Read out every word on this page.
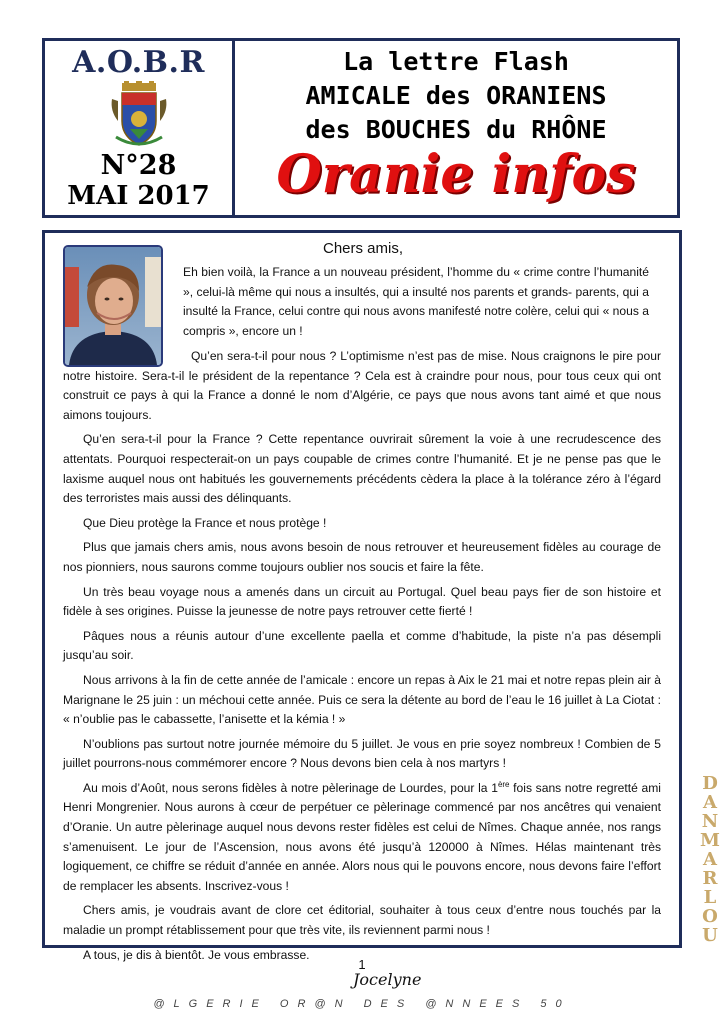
A.O.B.R
N°28
MAI 2017
La lettre Flash
AMICALE des ORANIENS
des BOUCHES du RHÔNE
Oranie infos
Chers amis,

Eh bien voilà, la France a un nouveau président, l’homme du « crime contre l’humanité », celui-là même qui nous a insultés, qui a insulté nos parents et grands- parents, qui a insulté la France, celui contre qui nous avons manifesté notre colère, celui qui « nous a compris », encore un !

Qu’en sera-t-il pour nous ? L’optimisme n’est pas de mise. Nous craignons le pire pour notre histoire. Sera-t-il le président de la repentance ? Cela est à craindre pour nous, pour tous ceux qui ont construit ce pays à qui la France a donné le nom d’Algérie, ce pays que nous avons tant aimé et que nous aimons toujours.

Qu’en sera-t-il pour la France ? Cette repentance ouvrirait sûrement la voie à une recrudescence des attentats. Pourquoi respecterait-on un pays coupable de crimes contre l’humanité. Et je ne pense pas que le laxisme auquel nous ont habitués les gouvernements précédents cèdera la place à la tolérance zéro à l’égard des terroristes mais aussi des délinquants.

Que Dieu protège la France et nous protège !

Plus que jamais chers amis, nous avons besoin de nous retrouver et heureusement fidèles au courage de nos pionniers, nous saurons comme toujours oublier nos soucis et faire la fête.

Un très beau voyage nous a amenés dans un circuit au Portugal. Quel beau pays fier de son histoire et fidèle à ses origines. Puisse la jeunesse de notre pays retrouver cette fierté !

Pâques nous a réunis autour d’une excellente paella et comme d’habitude, la piste n’a pas désempli jusqu’au soir.

Nous arrivons à la fin de cette année de l’amicale : encore un repas à Aix le 21 mai et notre repas plein air à Marignane le 25 juin : un méchoui cette année. Puis ce sera la détente au bord de l’eau le 16 juillet à La Ciotat : « n’oublie pas le cabassette, l’anisette et la kémia ! »

N’oublions pas surtout notre journée mémoire du 5 juillet. Je vous en prie soyez nombreux ! Combien de 5 juillet pourrons-nous commémorer encore ? Nous devons bien cela à nos martyrs !

Au mois d’Août, nous serons fidèles à notre pèlerinage de Lourdes, pour la 1ère fois sans notre regretté ami Henri Mongrenier. Nous aurons à cœur de perpétuer ce pèlerinage commencé par nos ancêtres qui venaient d’Oranie. Un autre pèlerinage auquel nous devons rester fidèles est celui de Nîmes. Chaque année, nos rangs s’amenuisent. Le jour de l’Ascension, nous avons été jusqu’à 120000 à Nîmes. Hélas maintenant très logiquement, ce chiffre se réduit d’année en année. Alors nous qui le pouvons encore, nous devons faire l’effort de remplacer les absents. Inscrivez-vous !

Chers amis, je voudrais avant de clore cet éditorial, souhaiter à tous ceux d’entre nous touchés par la maladie un prompt rétablissement pour que très vite, ils reviennent parmi nous !

A tous, je dis à bientôt. Je vous embrasse.

Jocelyne
1
@LGERIE OR@N DES @NNEES 50
DANMARLOU
